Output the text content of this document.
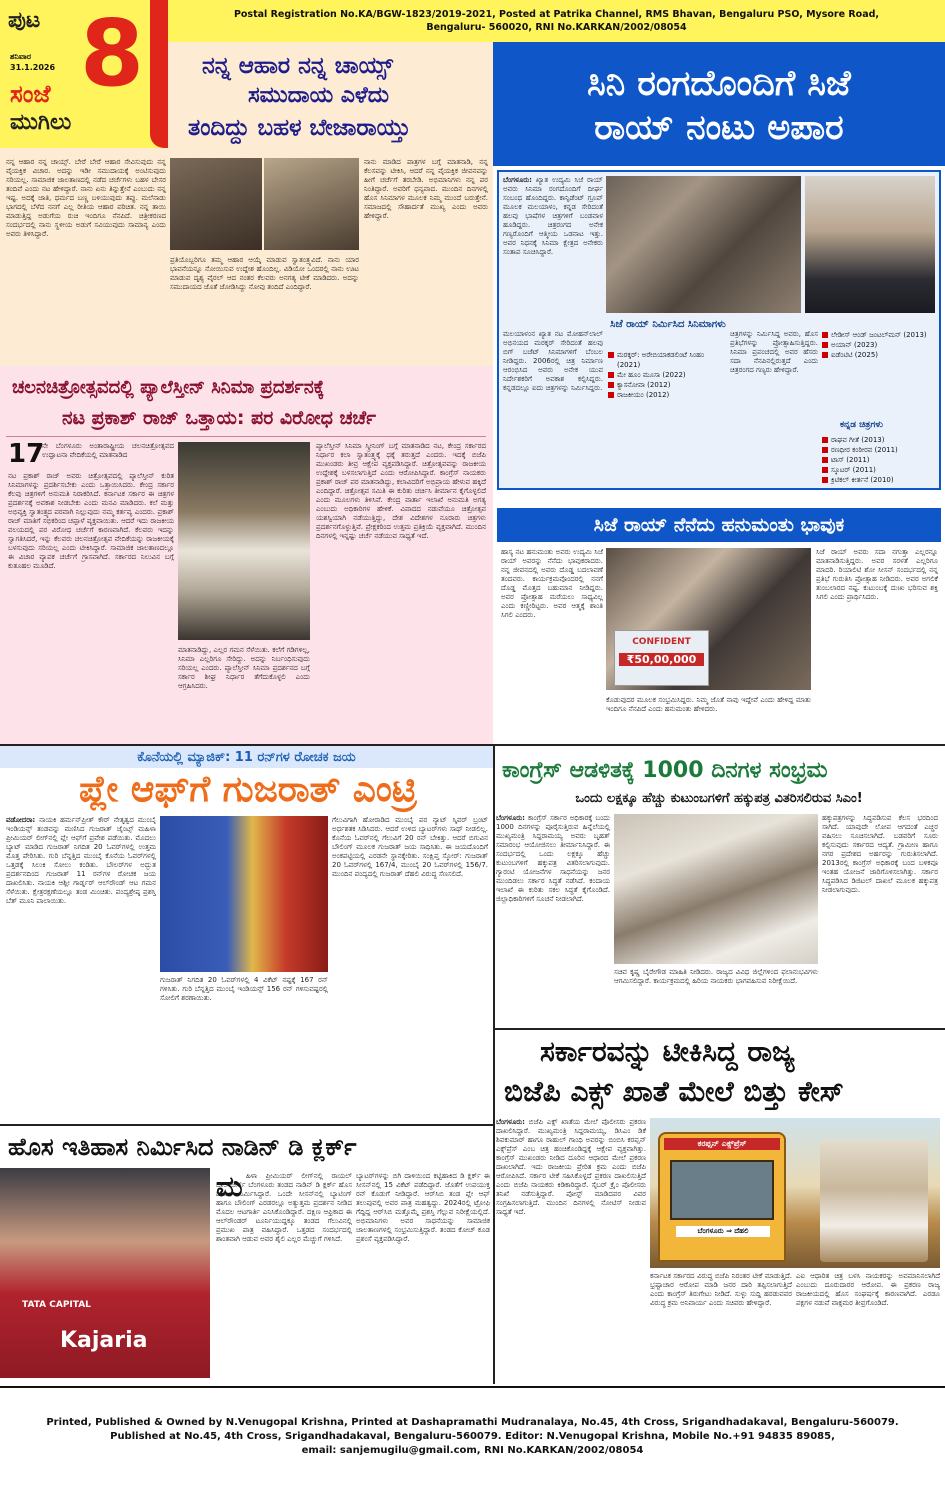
ಪುಟ 8
ಶನಿವಾರ
31.1.2026
ಸಂಜೆ
ಮುಗಿಲು
Postal Registration No.KA/BGW-1823/2019-2021, Posted at Patrika Channel, RMS Bhavan, Bengaluru PSO, Mysore Road,
Bengaluru- 560020, RNI No.KARKAN/2002/08054
ನನ್ನ ಆಹಾರ ನನ್ನ ಚಾಯ್ಸ್
ಸಮುದಾಯ ಎಳೆದು
ತಂದಿದ್ದು ಬಹಳ ಬೇಜಾರಾಯ್ತು
ನನ್ನ ಆಹಾರ ನನ್ನ ಚಾಯ್ಸ್. ಬೇರೆ ಬೇರೆ ಆಹಾರ ಸೇವಿಸುವುದು ನನ್ನ ವೈಯಕ್ತಿಕ ವಿಚಾರ. ಅದನ್ನು ಇಡೀ ಸಮುದಾಯಕ್ಕೆ ಅಂಟಿಸುವುದು ಸರಿಯಲ್ಲ. ಸಾಮಾಜಿಕ ಜಾಲತಾಣದಲ್ಲಿ ನಡೆದ ಚರ್ಚೆಗಳು ಬಹಳ ಬೇಸರ ತಂದಿವೆ ಎಂದು ನಟ ಹೇಳಿದ್ದಾರೆ. ನಾನು ಏನು ತಿನ್ನುತ್ತೇನೆ ಎಂಬುದು ನನ್ನ ಇಷ್ಟ. ಅದಕ್ಕೆ ಜಾತಿ, ಧರ್ಮದ ಬಣ್ಣ ಬಳಿಯುವುದು ತಪ್ಪು. ಮಲೆನಾಡು ಭಾಗದಲ್ಲಿ ಬೆಳೆದ ನನಗೆ ಎಲ್ಲ ರೀತಿಯ ಆಹಾರ ಪರಿಚಿತ. ನನ್ನ ತಾಯಿ ಮಾಡುತ್ತಿದ್ದ ಅಡುಗೆಯ ರುಚಿ ಇಂದಿಗೂ ನೆನಪಿದೆ. ಚಿತ್ರೀಕರಣದ ಸಂದರ್ಭದಲ್ಲಿ ನಾನು ಸ್ಥಳೀಯ ಅಡುಗೆ ಸವಿಯುವುದು ಸಾಮಾನ್ಯ ಎಂದು ಅವರು ತಿಳಿಸಿದ್ದಾರೆ.
ಪ್ರತಿಯೊಬ್ಬರಿಗೂ ತಮ್ಮ ಆಹಾರ ಆಯ್ಕೆ ಮಾಡುವ ಸ್ವಾತಂತ್ರ್ಯವಿದೆ. ನಾನು ಯಾರ ಭಾವನೆಯನ್ನೂ ನೋಯಿಸುವ ಉದ್ದೇಶ ಹೊಂದಿಲ್ಲ. ವಿಡಿಯೋ ಒಂದರಲ್ಲಿ ನಾನು ಊಟ ಮಾಡುವ ದೃಶ್ಯ ವೈರಲ್ ಆದ ನಂತರ ಕೆಲವರು ಅನಗತ್ಯ ಟೀಕೆ ಮಾಡಿದರು. ಅದನ್ನು ಸಮುದಾಯದ ಜೊತೆ ಜೋಡಿಸಿದ್ದು ನೋವು ತಂದಿದೆ ಎಂದಿದ್ದಾರೆ.
ನಾನು ಮಾಡಿದ ಪಾತ್ರಗಳ ಬಗ್ಗೆ ಮಾತನಾಡಿ, ನನ್ನ ಕೆಲಸವನ್ನು ಟೀಕಿಸಿ, ಆದರೆ ನನ್ನ ವೈಯಕ್ತಿಕ ಜೀವನವನ್ನು ಹೀಗೆ ಚರ್ಚೆಗೆ ತರಬೇಡಿ. ಅಭಿಮಾನಿಗಳು ನನ್ನ ಪರ ನಿಂತಿದ್ದಾರೆ. ಅವರಿಗೆ ಧನ್ಯವಾದ. ಮುಂದಿನ ದಿನಗಳಲ್ಲಿ ಹೊಸ ಸಿನಿಮಾಗಳ ಮೂಲಕ ನಿಮ್ಮ ಮುಂದೆ ಬರುತ್ತೇನೆ. ಸಮಾಜದಲ್ಲಿ ಸೌಹಾರ್ದತೆ ಮುಖ್ಯ ಎಂದು ಅವರು ಹೇಳಿದ್ದಾರೆ.
ಸಿನಿ ರಂಗದೊಂದಿಗೆ ಸಿಜೆ
ರಾಯ್ ನಂಟು ಅಪಾರ
ಬೆಂಗಳೂರು: ಖ್ಯಾತ ಉದ್ಯಮಿ ಸಿಜೆ ರಾಯ್ ಅವರು ಸಿನಿಮಾ ರಂಗದೊಂದಿಗೆ ದೀರ್ಘ ಸಂಬಂಧ ಹೊಂದಿದ್ದರು. ಕಾನ್ಫಿಡೆಂಟ್ ಗ್ರೂಪ್ ಮೂಲಕ ಮಲಯಾಳಂ, ಕನ್ನಡ ಸೇರಿದಂತೆ ಹಲವು ಭಾಷೆಗಳ ಚಿತ್ರಗಳಿಗೆ ಬಂಡವಾಳ ಹೂಡಿದ್ದರು. ಚಿತ್ರರಂಗದ ಅನೇಕ ಗಣ್ಯರೊಂದಿಗೆ ಆತ್ಮೀಯ ಒಡನಾಟ ಇತ್ತು. ಅವರ ನಿಧನಕ್ಕೆ ಸಿನಿಮಾ ಕ್ಷೇತ್ರದ ಅನೇಕರು ಸಂತಾಪ ಸೂಚಿಸಿದ್ದಾರೆ.
ಮಲಯಾಳಂನ ಖ್ಯಾತ ನಟ ಮೋಹನ್‌ಲಾಲ್ ಅಭಿನಯದ ಮರಕ್ಕರ್ ಸೇರಿದಂತೆ ಹಲವು ಬಿಗ್ ಬಜೆಟ್ ಸಿನಿಮಾಗಳಿಗೆ ಬೆಂಬಲ ನೀಡಿದ್ದರು. 2006ರಲ್ಲಿ ಚಿತ್ರ ನಿರ್ಮಾಣ ಆರಂಭಿಸಿದ ಅವರು ಅನೇಕ ಯುವ ನಿರ್ದೇಶಕರಿಗೆ ಅವಕಾಶ ಕಲ್ಪಿಸಿದ್ದರು. ಕನ್ನಡದಲ್ಲೂ ಐದು ಚಿತ್ರಗಳನ್ನು ನಿರ್ಮಿಸಿದ್ದರು.
ಸಿಜೆ ರಾಯ್ ನಿರ್ಮಿಸಿದ ಸಿನಿಮಾಗಳು
ಮರಕ್ಕರ್: ಅರೇಬಿಯಾಕಡಲಿಂಟೆ ಸಿಂಹಂ (2021)
ಮೇ ಹೂಂ ಮೂಸಾ (2022)
ಕ್ಯಾಸನೋವಾ (2012)
ರಾಜಕೀಯಂ (2012)
ಲೇಡೀಸ್ ಆಂಡ್ ಜಂಟಲ್‌ಮನ್ (2013)
ಅಯಾನ್ (2023)
ಐಡೆಂಟಿಟಿ (2025)
ಕನ್ನಡ ಚಿತ್ರಗಳು
ರಾಘವ ಗೀತೆ (2013)
ರಣಧೀರ ಕಂಠೀರವ (2011)
ಟಾಸ್ (2011)
ಸ್ಕೂಟರ್ (2011)
ಕ್ರಿಟಿಕಲ್ ಕೀರ್ತನೆ (2010)
ಚಿತ್ರಗಳನ್ನು ನಿರ್ಮಿಸಿದ್ದ ಅವರು, ಹೊಸ ಪ್ರತಿಭೆಗಳನ್ನು ಪ್ರೋತ್ಸಾಹಿಸುತ್ತಿದ್ದರು. ಸಿನಿಮಾ ಪ್ರಪಂಚದಲ್ಲಿ ಅವರ ಹೆಸರು ಸದಾ ನೆನಪಿನಲ್ಲಿರುತ್ತದೆ ಎಂದು ಚಿತ್ರರಂಗದ ಗಣ್ಯರು ಹೇಳಿದ್ದಾರೆ.
ಚಲನಚಿತ್ರೋತ್ಸವದಲ್ಲಿ ಪ್ಯಾಲೆಸ್ತೀನ್ ಸಿನಿಮಾ ಪ್ರದರ್ಶನಕ್ಕೆ
ನಟ ಪ್ರಕಾಶ್ ರಾಜ್ ಒತ್ತಾಯ: ಪರ ವಿರೋಧ ಚರ್ಚೆ
17
ನೇ ಬೆಂಗಳೂರು ಅಂತಾರಾಷ್ಟ್ರೀಯ ಚಲನಚಿತ್ರೋತ್ಸವದ ಉದ್ಘಾಟನಾ ವೇದಿಕೆಯಲ್ಲಿ ಮಾತನಾಡಿದ
ನಟ ಪ್ರಕಾಶ್ ರಾಜ್ ಅವರು ಚಿತ್ರೋತ್ಸವದಲ್ಲಿ ಪ್ಯಾಲೆಸ್ತೀನ್ ಕುರಿತ ಸಿನಿಮಾಗಳನ್ನು ಪ್ರದರ್ಶಿಸಬೇಕು ಎಂದು ಒತ್ತಾಯಿಸಿದರು. ಕೇಂದ್ರ ಸರ್ಕಾರ ಕೆಲವು ಚಿತ್ರಗಳಿಗೆ ಅನುಮತಿ ನಿರಾಕರಿಸಿದೆ. ಕರ್ನಾಟಕ ಸರ್ಕಾರ ಈ ಚಿತ್ರಗಳ ಪ್ರದರ್ಶನಕ್ಕೆ ಅವಕಾಶ ನೀಡಬೇಕು ಎಂದು ಮನವಿ ಮಾಡಿದರು. ಕಲೆ ಮತ್ತು ಅಭಿವ್ಯಕ್ತಿ ಸ್ವಾತಂತ್ರ್ಯದ ಪರವಾಗಿ ನಿಲ್ಲುವುದು ನಮ್ಮ ಕರ್ತವ್ಯ ಎಂದರು. ಪ್ರಕಾಶ್ ರಾಜ್ ಮಾತಿಗೆ ಸಭಿಕರಿಂದ ಚಪ್ಪಾಳೆ ವ್ಯಕ್ತವಾಯಿತು. ಆದರೆ ಇದು ರಾಜಕೀಯ ವಲಯದಲ್ಲಿ ಪರ ವಿರೋಧ ಚರ್ಚೆಗೆ ಕಾರಣವಾಗಿದೆ. ಕೆಲವರು ಇದನ್ನು ಸ್ವಾಗತಿಸಿದರೆ, ಇನ್ನು ಕೆಲವರು ಚಲನಚಿತ್ರೋತ್ಸವ ವೇದಿಕೆಯನ್ನು ರಾಜಕೀಯಕ್ಕೆ ಬಳಸುವುದು ಸರಿಯಲ್ಲ ಎಂದು ಟೀಕಿಸಿದ್ದಾರೆ. ಸಾಮಾಜಿಕ ಜಾಲತಾಣದಲ್ಲೂ ಈ ವಿಚಾರ ವ್ಯಾಪಕ ಚರ್ಚೆಗೆ ಗ್ರಾಸವಾಗಿದೆ. ಸರ್ಕಾರದ ನಿಲುವಿನ ಬಗ್ಗೆ ಕುತೂಹಲ ಮೂಡಿದೆ.
ಮಾತನಾಡಿದ್ದು, ಎಲ್ಲರ ಗಮನ ಸೆಳೆಯಿತು. ಕಲೆಗೆ ಗಡಿಗಳಿಲ್ಲ, ಸಿನಿಮಾ ಎಲ್ಲರಿಗೂ ಸೇರಿದ್ದು. ಅದನ್ನು ನಿರ್ಬಂಧಿಸುವುದು ಸರಿಯಲ್ಲ ಎಂದರು. ಪ್ಯಾಲೆಸ್ತೀನ್ ಸಿನಿಮಾ ಪ್ರದರ್ಶನದ ಬಗ್ಗೆ ಸರ್ಕಾರ ಶೀಘ್ರ ನಿರ್ಧಾರ ತೆಗೆದುಕೊಳ್ಳಲಿ ಎಂದು ಆಗ್ರಹಿಸಿದರು.
ಪ್ಯಾಲೆಸ್ತೀನ್ ಸಿನಿಮಾ ಸ್ಕ್ರೀನಿಂಗ್ ಬಗ್ಗೆ ಮಾತನಾಡಿದ ನಟ, ಕೇಂದ್ರ ಸರ್ಕಾರದ ನಿರ್ಧಾರ ಕಲಾ ಸ್ವಾತಂತ್ರ್ಯಕ್ಕೆ ಧಕ್ಕೆ ತರುತ್ತದೆ ಎಂದರು. ಇದಕ್ಕೆ ಬಿಜೆಪಿ ಮುಖಂಡರು ತೀವ್ರ ಆಕ್ಷೇಪ ವ್ಯಕ್ತಪಡಿಸಿದ್ದಾರೆ. ಚಿತ್ರೋತ್ಸವವನ್ನು ರಾಜಕೀಯ ಉದ್ದೇಶಕ್ಕೆ ಬಳಸಲಾಗುತ್ತಿದೆ ಎಂದು ಆರೋಪಿಸಿದ್ದಾರೆ. ಕಾಂಗ್ರೆಸ್ ನಾಯಕರು ಪ್ರಕಾಶ್ ರಾಜ್ ಪರ ಮಾತನಾಡಿದ್ದು, ಕಲಾವಿದರಿಗೆ ಅಭಿಪ್ರಾಯ ಹೇಳುವ ಹಕ್ಕಿದೆ ಎಂದಿದ್ದಾರೆ. ಚಿತ್ರೋತ್ಸವ ಸಮಿತಿ ಈ ಕುರಿತು ಚರ್ಚಿಸಿ ತೀರ್ಮಾನ ಕೈಗೊಳ್ಳಲಿದೆ ಎಂದು ಮೂಲಗಳು ತಿಳಿಸಿವೆ. ಕೇಂದ್ರ ವಾರ್ತಾ ಇಲಾಖೆ ಅನುಮತಿ ಅಗತ್ಯ ಎಂಬುದು ಅಧಿಕಾರಿಗಳ ಹೇಳಿಕೆ. ವಿವಾದದ ನಡುವೆಯೂ ಚಿತ್ರೋತ್ಸವ ಯಶಸ್ವಿಯಾಗಿ ನಡೆಯುತ್ತಿದ್ದು, ದೇಶ ವಿದೇಶಗಳ ನೂರಾರು ಚಿತ್ರಗಳು ಪ್ರದರ್ಶನಗೊಳ್ಳುತ್ತಿವೆ. ಪ್ರೇಕ್ಷಕರಿಂದ ಉತ್ತಮ ಪ್ರತಿಕ್ರಿಯೆ ವ್ಯಕ್ತವಾಗಿದೆ. ಮುಂದಿನ ದಿನಗಳಲ್ಲಿ ಇನ್ನಷ್ಟು ಚರ್ಚೆ ನಡೆಯುವ ಸಾಧ್ಯತೆ ಇದೆ.	ಸಿಜೆ ರಾಯ್ ನೆನೆದು ಹನುಮಂತು ಭಾವುಕ
ಹಾಸ್ಯ ನಟ ಹನುಮಂತು ಅವರು ಉದ್ಯಮಿ ಸಿಜೆ ರಾಯ್ ಅವರನ್ನು ನೆನೆದು ಭಾವುಕರಾದರು. ನನ್ನ ಜೀವನದಲ್ಲಿ ಅವರು ದೊಡ್ಡ ಬದಲಾವಣೆ ತಂದವರು. ಕಾರ್ಯಕ್ರಮವೊಂದರಲ್ಲಿ ನನಗೆ ದೊಡ್ಡ ಮೊತ್ತದ ಬಹುಮಾನ ನೀಡಿದ್ದರು. ಅವರ ಪ್ರೋತ್ಸಾಹ ಮರೆಯಲು ಸಾಧ್ಯವಿಲ್ಲ ಎಂದು ಕಣ್ಣೀರಿಟ್ಟರು. ಅವರ ಆತ್ಮಕ್ಕೆ ಶಾಂತಿ ಸಿಗಲಿ ಎಂದರು.
CONFIDENT
₹50,00,000
ಕೊಡುವುದರ ಮೂಲಕ ಸಂಭ್ರಮಿಸಿದ್ದರು. ನಿಮ್ಮ ಜೊತೆ ನಾವು ಇದ್ದೇವೆ ಎಂದು ಹೇಳಿದ್ದ ಮಾತು ಇಂದಿಗೂ ನೆನಪಿದೆ ಎಂದು ಹನುಮಂತು ಹೇಳಿದರು.
ಸಿಜೆ ರಾಯ್ ಅವರು ಸದಾ ನಗುತ್ತಾ ಎಲ್ಲರನ್ನೂ ಮಾತನಾಡಿಸುತ್ತಿದ್ದರು. ಅವರ ಸರಳತೆ ಎಲ್ಲರಿಗೂ ಮಾದರಿ. ರಿಯಾಲಿಟಿ ಶೋ ಸೀಸನ್ ಸಂದರ್ಭದಲ್ಲಿ ನನ್ನ ಪ್ರತಿಭೆ ಗುರುತಿಸಿ ಪ್ರೋತ್ಸಾಹ ನೀಡಿದರು. ಅವರ ಅಗಲಿಕೆ ತುಂಬಲಾರದ ನಷ್ಟ. ಕುಟುಂಬಕ್ಕೆ ದುಃಖ ಭರಿಸುವ ಶಕ್ತಿ ಸಿಗಲಿ ಎಂದು ಪ್ರಾರ್ಥಿಸಿದರು.
ಕೊನೆಯಲ್ಲಿ ಮ್ಯಾಜಿಕ್: 11 ರನ್‌ಗಳ ರೋಚಕ ಜಯ
ಪ್ಲೇ ಆಫ್‌ಗೆ ಗುಜರಾತ್ ಎಂಟ್ರಿ
ವಡೋದರಾ: ನಾಯಕಿ ಹರ್ಮನ್‌ಪ್ರೀತ್ ಕೌರ್ ನೇತೃತ್ವದ ಮುಂಬೈ ಇಂಡಿಯನ್ಸ್ ತಂಡವನ್ನು ಮಣಿಸಿದ ಗುಜರಾತ್ ಜೈಂಟ್ಸ್ ಮಹಿಳಾ ಪ್ರೀಮಿಯರ್ ಲೀಗ್‌ನಲ್ಲಿ ಪ್ಲೇ ಆಫ್‌ಗೆ ಪ್ರವೇಶ ಪಡೆಯಿತು. ಮೊದಲು ಬ್ಯಾಟ್ ಮಾಡಿದ ಗುಜರಾತ್ ನಿಗದಿತ 20 ಓವರ್‌ಗಳಲ್ಲಿ ಉತ್ತಮ ಮೊತ್ತ ಪೇರಿಸಿತು. ಗುರಿ ಬೆನ್ನತ್ತಿದ ಮುಂಬೈ ಕೊನೆಯ ಓವರ್‌ಗಳಲ್ಲಿ ಒತ್ತಡಕ್ಕೆ ಸಿಲುಕಿ ಸೋಲು ಕಂಡಿತು. ಬೌಲರ್‌ಗಳ ಅದ್ಭುತ ಪ್ರದರ್ಶನದಿಂದ ಗುಜರಾತ್ 11 ರನ್‌ಗಳ ರೋಚಕ ಜಯ ದಾಖಲಿಸಿತು. ನಾಯಕಿ ಆಶ್ಲೀ ಗಾರ್ಡ್ನರ್ ಆಲ್‌ರೌಂಡ್ ಆಟ ಗಮನ ಸೆಳೆಯಿತು. ಕ್ಷೇತ್ರರಕ್ಷಣೆಯಲ್ಲೂ ತಂಡ ಮಿಂಚಿತು. ಪಂದ್ಯಶ್ರೇಷ್ಠ ಪ್ರಶಸ್ತಿ ಬೆತ್ ಮೂನಿ ಪಾಲಾಯಿತು.
ಗುಜರಾತ್ ನಿಗದಿತ 20 ಓವರ್‌ಗಳಲ್ಲಿ 4 ವಿಕೆಟ್ ನಷ್ಟಕ್ಕೆ 167 ರನ್ ಗಳಿಸಿತು. ಗುರಿ ಬೆನ್ನತ್ತಿದ ಮುಂಬೈ ಇಂಡಿಯನ್ಸ್ 156 ರನ್ ಗಳಿಸುವಷ್ಟರಲ್ಲಿ ಸೋಲಿಗೆ ಶರಣಾಯಿತು.
ಗೆಲುವಿಗಾಗಿ ಹೋರಾಡಿದ ಮುಂಬೈ ಪರ ನ್ಯಾಟ್ ಸ್ಕಿವರ್ ಬ್ರಂಟ್ ಅರ್ಧಶತಕ ಸಿಡಿಸಿದರು. ಆದರೆ ಉಳಿದ ಬ್ಯಾಟರ್‌ಗಳು ಸಾಥ್ ನೀಡಲಿಲ್ಲ. ಕೊನೆಯ ಓವರ್‌ನಲ್ಲಿ ಗೆಲುವಿಗೆ 20 ರನ್ ಬೇಕಿತ್ತು. ಆದರೆ ಬಿಗುವಿನ ಬೌಲಿಂಗ್ ಮೂಲಕ ಗುಜರಾತ್ ಜಯ ಸಾಧಿಸಿತು. ಈ ಜಯದೊಂದಿಗೆ ಅಂಕಪಟ್ಟಿಯಲ್ಲಿ ಎರಡನೇ ಸ್ಥಾನಕ್ಕೇರಿತು. ಸಂಕ್ಷಿಪ್ತ ಸ್ಕೋರ್: ಗುಜರಾತ್ 20 ಓವರ್‌ಗಳಲ್ಲಿ 167/4, ಮುಂಬೈ 20 ಓವರ್‌ಗಳಲ್ಲಿ 156/7. ಮುಂದಿನ ಪಂದ್ಯದಲ್ಲಿ ಗುಜರಾತ್ ದೆಹಲಿ ವಿರುದ್ಧ ಸೆಣಸಲಿದೆ.
ಕಾಂಗ್ರೆಸ್ ಆಡಳಿತಕ್ಕೆ 1000 ದಿನಗಳ ಸಂಭ್ರಮ
ಒಂದು ಲಕ್ಷಕ್ಕೂ ಹೆಚ್ಚು ಕುಟುಂಬಗಳಿಗೆ ಹಕ್ಕುಪತ್ರ ವಿತರಿಸಲಿರುವ ಸಿಎಂ!
ಬೆಂಗಳೂರು: ಕಾಂಗ್ರೆಸ್ ಸರ್ಕಾರ ಅಧಿಕಾರಕ್ಕೆ ಬಂದು 1000 ದಿನಗಳನ್ನು ಪೂರೈಸುತ್ತಿರುವ ಹಿನ್ನೆಲೆಯಲ್ಲಿ ಮುಖ್ಯಮಂತ್ರಿ ಸಿದ್ದರಾಮಯ್ಯ ಅವರು ಬೃಹತ್ ಸಮಾರಂಭ ಆಯೋಜಿಸಲು ತೀರ್ಮಾನಿಸಿದ್ದಾರೆ. ಈ ಸಂದರ್ಭದಲ್ಲಿ ಒಂದು ಲಕ್ಷಕ್ಕೂ ಹೆಚ್ಚು ಕುಟುಂಬಗಳಿಗೆ ಹಕ್ಕುಪತ್ರ ವಿತರಿಸಲಾಗುವುದು. ಗ್ಯಾರಂಟಿ ಯೋಜನೆಗಳ ಸಾಧನೆಯನ್ನು ಜನರ ಮುಂದಿಡಲು ಸರ್ಕಾರ ಸಿದ್ಧತೆ ನಡೆಸಿದೆ. ಕಂದಾಯ ಇಲಾಖೆ ಈ ಕುರಿತು ಸಕಲ ಸಿದ್ಧತೆ ಕೈಗೊಂಡಿದೆ. ಜಿಲ್ಲಾಧಿಕಾರಿಗಳಿಗೆ ಸೂಚನೆ ನೀಡಲಾಗಿದೆ.
ಸಚಿವ ಕೃಷ್ಣ ಬೈರೇಗೌಡ ಮಾಹಿತಿ ನೀಡಿದರು. ರಾಜ್ಯದ ವಿವಿಧ ಜಿಲ್ಲೆಗಳಿಂದ ಫಲಾನುಭವಿಗಳು ಆಗಮಿಸಲಿದ್ದಾರೆ. ಕಾರ್ಯಕ್ರಮದಲ್ಲಿ ಹಿರಿಯ ನಾಯಕರು ಭಾಗವಹಿಸುವ ನಿರೀಕ್ಷೆಯಿದೆ.
ಹಕ್ಕುಪತ್ರಗಳನ್ನು ಸಿದ್ಧಪಡಿಸುವ ಕೆಲಸ ಭರದಿಂದ ಸಾಗಿದೆ. ಯಾವುದೇ ಲೋಪ ಆಗದಂತೆ ಎಚ್ಚರ ವಹಿಸಲು ಸೂಚಿಸಲಾಗಿದೆ. ಬಡವರಿಗೆ ಸೂರು ಕಲ್ಪಿಸುವುದು ಸರ್ಕಾರದ ಆದ್ಯತೆ. ಗ್ರಾಮೀಣ ಹಾಗೂ ನಗರ ಪ್ರದೇಶದ ಅರ್ಹರನ್ನು ಗುರುತಿಸಲಾಗಿದೆ. 2013ರಲ್ಲಿ ಕಾಂಗ್ರೆಸ್ ಅಧಿಕಾರಕ್ಕೆ ಬಂದ ಬಳಿಕವೂ ಇಂತಹ ಯೋಜನೆ ಜಾರಿಗೊಳಿಸಲಾಗಿತ್ತು. ಸರ್ಕಾರ ಸಿದ್ಧಪಡಿಸಿದ ಡಿಜಿಟಲ್ ದಾಖಲೆ ಮೂಲಕ ಹಕ್ಕುಪತ್ರ ನೀಡಲಾಗುವುದು.
ಸರ್ಕಾರವನ್ನು ಟೀಕಿಸಿದ್ದ ರಾಜ್ಯ
ಬಿಜೆಪಿ ಎಕ್ಸ್ ಖಾತೆ ಮೇಲೆ ಬಿತ್ತು ಕೇಸ್
ಬೆಂಗಳೂರು: ಬಿಜೆಪಿ ಎಕ್ಸ್ ಖಾತೆಯ ಮೇಲೆ ಪೊಲೀಸರು ಪ್ರಕರಣ ದಾಖಲಿಸಿದ್ದಾರೆ. ಮುಖ್ಯಮಂತ್ರಿ ಸಿದ್ದರಾಮಯ್ಯ, ಡಿಸಿಎಂ ಡಿಕೆ ಶಿವಕುಮಾರ್ ಹಾಗೂ ರಾಹುಲ್ ಗಾಂಧಿ ಅವರನ್ನು ಬಿಂಬಿಸಿ ಕರಪ್ಷನ್ ಎಕ್ಸ್‌ಪ್ರೆಸ್ ಎಂಬ ಚಿತ್ರ ಹಂಚಿಕೊಂಡಿದ್ದಕ್ಕೆ ಆಕ್ಷೇಪ ವ್ಯಕ್ತವಾಗಿತ್ತು. ಕಾಂಗ್ರೆಸ್ ಮುಖಂಡರು ನೀಡಿದ ದೂರಿನ ಆಧಾರದ ಮೇಲೆ ಪ್ರಕರಣ ದಾಖಲಾಗಿದೆ. ಇದು ರಾಜಕೀಯ ಪ್ರೇರಿತ ಕ್ರಮ ಎಂದು ಬಿಜೆಪಿ ಆರೋಪಿಸಿದೆ. ಸರ್ಕಾರ ಟೀಕೆ ಸಹಿಸಿಕೊಳ್ಳದೆ ಪ್ರಕರಣ ದಾಖಲಿಸುತ್ತಿದೆ ಎಂದು ಬಿಜೆಪಿ ನಾಯಕರು ಕಿಡಿಕಾರಿದ್ದಾರೆ. ಸೈಬರ್ ಕ್ರೈಂ ಪೊಲೀಸರು ತನಿಖೆ ನಡೆಸುತ್ತಿದ್ದಾರೆ. ಪೋಸ್ಟ್ ಮಾಡಿದವರ ವಿವರ ಸಂಗ್ರಹಿಸಲಾಗುತ್ತಿದೆ. ಮುಂದಿನ ದಿನಗಳಲ್ಲಿ ನೋಟಿಸ್ ನೀಡುವ ಸಾಧ್ಯತೆ ಇದೆ.
ಕರಪ್ಷನ್ ಎಕ್ಸ್‌ಪ್ರೆಸ್
ಬೆಂಗಳೂರು ⇒ ದೆಹಲಿ
ಕರ್ನಾಟಕ ಸರ್ಕಾರದ ವಿರುದ್ಧ ಬಿಜೆಪಿ ನಿರಂತರ ಟೀಕೆ ಮಾಡುತ್ತಿದೆ. ಭ್ರಷ್ಟಾಚಾರ ಆರೋಪ ಮಾಡಿ ಜನರ ದಾರಿ ತಪ್ಪಿಸಲಾಗುತ್ತಿದೆ ಎಂದು ಕಾಂಗ್ರೆಸ್ ತಿರುಗೇಟು ನೀಡಿದೆ. ಸುಳ್ಳು ಸುದ್ದಿ ಹರಡುವವರ ವಿರುದ್ಧ ಕ್ರಮ ಅನಿವಾರ್ಯ ಎಂದು ಸಚಿವರು ಹೇಳಿದ್ದಾರೆ.
ಎಐ ಆಧಾರಿತ ಚಿತ್ರ ಬಳಸಿ ನಾಯಕರನ್ನು ಅವಮಾನಿಸಲಾಗಿದೆ ಎಂಬುದು ದೂರುದಾರರ ಆರೋಪ. ಈ ಪ್ರಕರಣ ರಾಜ್ಯ ರಾಜಕೀಯದಲ್ಲಿ ಹೊಸ ಸಂಘರ್ಷಕ್ಕೆ ಕಾರಣವಾಗಿದೆ. ಎರಡೂ ಪಕ್ಷಗಳ ನಡುವೆ ವಾಕ್ಸಮರ ತೀವ್ರಗೊಂಡಿದೆ.
ಹೊಸ ಇತಿಹಾಸ ನಿರ್ಮಿಸಿದ ನಾಡಿನ್ ಡಿ ಕ್ಲರ್ಕ್
TATA CAPITAL
Kajaria
ಮ ಹಿಳಾ ಪ್ರೀಮಿಯರ್ ಲೀಗ್‌ನಲ್ಲಿ ರಾಯಲ್ ಚಾಲೆಂಜರ್ಸ್ ಬೆಂಗಳೂರು ತಂಡದ ನಾಡಿನ್ ಡಿ ಕ್ಲರ್ಕ್ ಹೊಸ ದಾಖಲೆ ನಿರ್ಮಿಸಿದ್ದಾರೆ. ಒಂದೇ ಸೀಸನ್‌ನಲ್ಲಿ ಬ್ಯಾಟಿಂಗ್ ಹಾಗೂ ಬೌಲಿಂಗ್ ಎರಡರಲ್ಲೂ ಅತ್ಯುತ್ತಮ ಪ್ರದರ್ಶನ ನೀಡಿದ ಮೊದಲ ಆಟಗಾರ್ತಿ ಎನಿಸಿಕೊಂಡಿದ್ದಾರೆ. ದಕ್ಷಿಣ ಆಫ್ರಿಕಾದ ಈ ಆಲ್‌ರೌಂಡರ್ ಟೂರ್ನಿಯುದ್ದಕ್ಕೂ ತಂಡದ ಗೆಲುವಿನಲ್ಲಿ ಪ್ರಮುಖ ಪಾತ್ರ ವಹಿಸಿದ್ದಾರೆ. ಒತ್ತಡದ ಸಂದರ್ಭದಲ್ಲಿ ಶಾಂತವಾಗಿ ಆಡುವ ಅವರ ಶೈಲಿ ಎಲ್ಲರ ಮೆಚ್ಚುಗೆ ಗಳಿಸಿದೆ.
ಬ್ಯಾಟರ್‌ಗಳನ್ನು ಬಿಗಿ ದಾಳಿಯಿಂದ ಕಟ್ಟಿಹಾಕಿದ ಡಿ ಕ್ಲರ್ಕ್ ಈ ಸೀಸನ್‌ನಲ್ಲಿ 15 ವಿಕೆಟ್ ಪಡೆದಿದ್ದಾರೆ. ಜೊತೆಗೆ ಉಪಯುಕ್ತ ರನ್ ಕೊಡುಗೆ ನೀಡಿದ್ದಾರೆ. ಆರ್‌ಸಿಬಿ ತಂಡ ಪ್ಲೇ ಆಫ್ ತಲುಪುವಲ್ಲಿ ಅವರ ಪಾತ್ರ ಮಹತ್ವದ್ದು. 2024ರಲ್ಲಿ ಟ್ರೋಫಿ ಗೆದ್ದಿದ್ದ ಆರ್‌ಸಿಬಿ ಮತ್ತೊಮ್ಮೆ ಪ್ರಶಸ್ತಿ ಗೆಲ್ಲುವ ನಿರೀಕ್ಷೆಯಲ್ಲಿದೆ. ಅಭಿಮಾನಿಗಳು ಅವರ ಸಾಧನೆಯನ್ನು ಸಾಮಾಜಿಕ ಜಾಲತಾಣಗಳಲ್ಲಿ ಸಂಭ್ರಮಿಸುತ್ತಿದ್ದಾರೆ. ತಂಡದ ಕೋಚ್ ಕೂಡ ಪ್ರಶಂಸೆ ವ್ಯಕ್ತಪಡಿಸಿದ್ದಾರೆ.
Printed, Published & Owned by N.Venugopal Krishna, Printed at Dashapramathi Mudranalaya, No.45, 4th Cross, Srigandhadakaval, Bengaluru-560079.
Published at No.45, 4th Cross, Srigandhadakaval, Bengaluru-560079. Editor: N.Venugopal Krishna, Mobile No.+91 94835 89085,
email: sanjemugilu@gmail.com, RNI No.KARKAN/2002/08054
